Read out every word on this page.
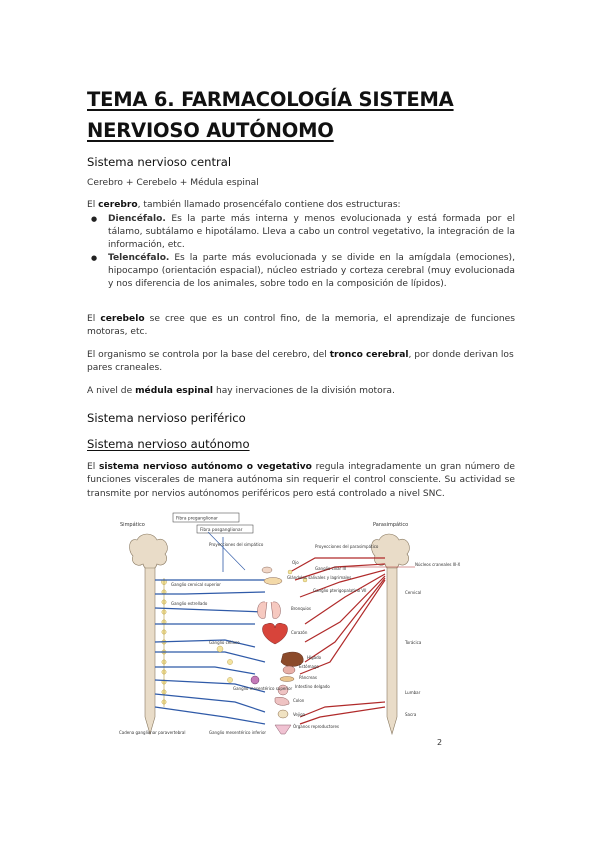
TEMA 6. FARMACOLOGÍA SISTEMA NERVIOSO AUTÓNOMO
Sistema nervioso central
Cerebro + Cerebelo + Médula espinal
El cerebro, también llamado prosencéfalo contiene dos estructuras:
● Diencéfalo. Es la parte más interna y menos evolucionada y está formada por el tálamo, subtálamo e hipotálamo. Lleva a cabo un control vegetativo, la integración de la información, etc.
● Telencéfalo. Es la parte más evolucionada y se divide en la amígdala (emociones), hipocampo (orientación espacial), núcleo estriado y corteza cerebral (muy evolucionada y nos diferencia de los animales, sobre todo en la composición de lípidos).
El cerebelo se cree que es un control fino, de la memoria, el aprendizaje de funciones motoras, etc.
El organismo se controla por la base del cerebro, del tronco cerebral, por donde derivan los pares craneales.
A nivel de médula espinal hay inervaciones de la división motora.
Sistema nervioso periférico
Sistema nervioso autónomo
El sistema nervioso autónomo o vegetativo regula integradamente un gran número de funciones viscerales de manera autónoma sin requerir el control consciente. Su actividad se transmite por nervios autónomos periféricos pero está controlado a nivel SNC.
Fibra preganglionar
Fibra posganglionar
Simpático	Parasimpático
Proyecciones del simpático	Proyecciones del parasimpático
Ojo
Ganglio ciliar III
Glándulas salivales y lagrimales
Ganglio cervical superior
Ganglio pterigopalatino VII
Núcleos craneales III-X
Ganglio estrellado
Bronquios
Corazón
Ganglio celíaco
Hígado
Estómago
Páncreas
Intestino delgado
Colon
Vejiga
Órganos reproductores
Cervical
Torácica
Lumbar
Sacra
Ganglio mesentérico superior
Ganglio mesentérico inferior
Cadena ganglionar paravertebral
2
